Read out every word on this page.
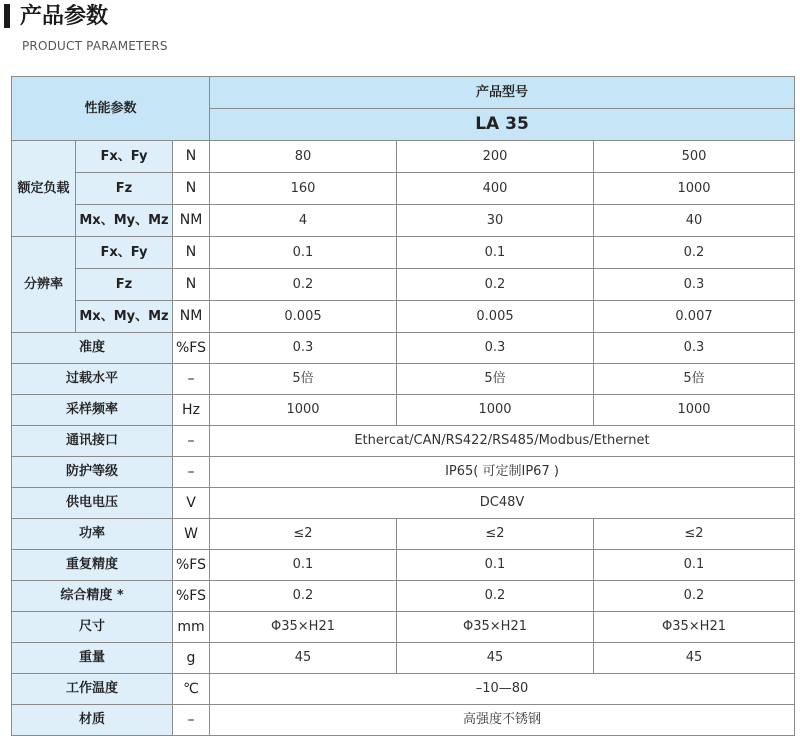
产品参数
PRODUCT PARAMETERS
性能参数			产品型号		
			LA 35		
额定负载	Fx、Fy	N	80	200	500
	Fz	N	160	400	1000
	Mx、My、Mz	NM	4	30	40
分辨率	Fx、Fy	N	0.1	0.1	0.2
	Fz	N	0.2	0.2	0.3
	Mx、My、Mz	NM	0.005	0.005	0.007
准度		%FS	0.3	0.3	0.3
过载水平		–	5倍	5倍	5倍
采样频率		Hz	1000	1000	1000
通讯接口		–	Ethercat/CAN/RS422/RS485/Modbus/Ethernet		
防护等级		–	IP65( 可定制IP67 )		
供电电压		V	DC48V		
功率		W	≤2	≤2	≤2
重复精度		%FS	0.1	0.1	0.1
综合精度 *		%FS	0.2	0.2	0.2
尺寸		mm	Φ35×H21	Φ35×H21	Φ35×H21
重量		g	45	45	45
工作温度		℃	–10—80		
材质		–	高强度不锈钢		
